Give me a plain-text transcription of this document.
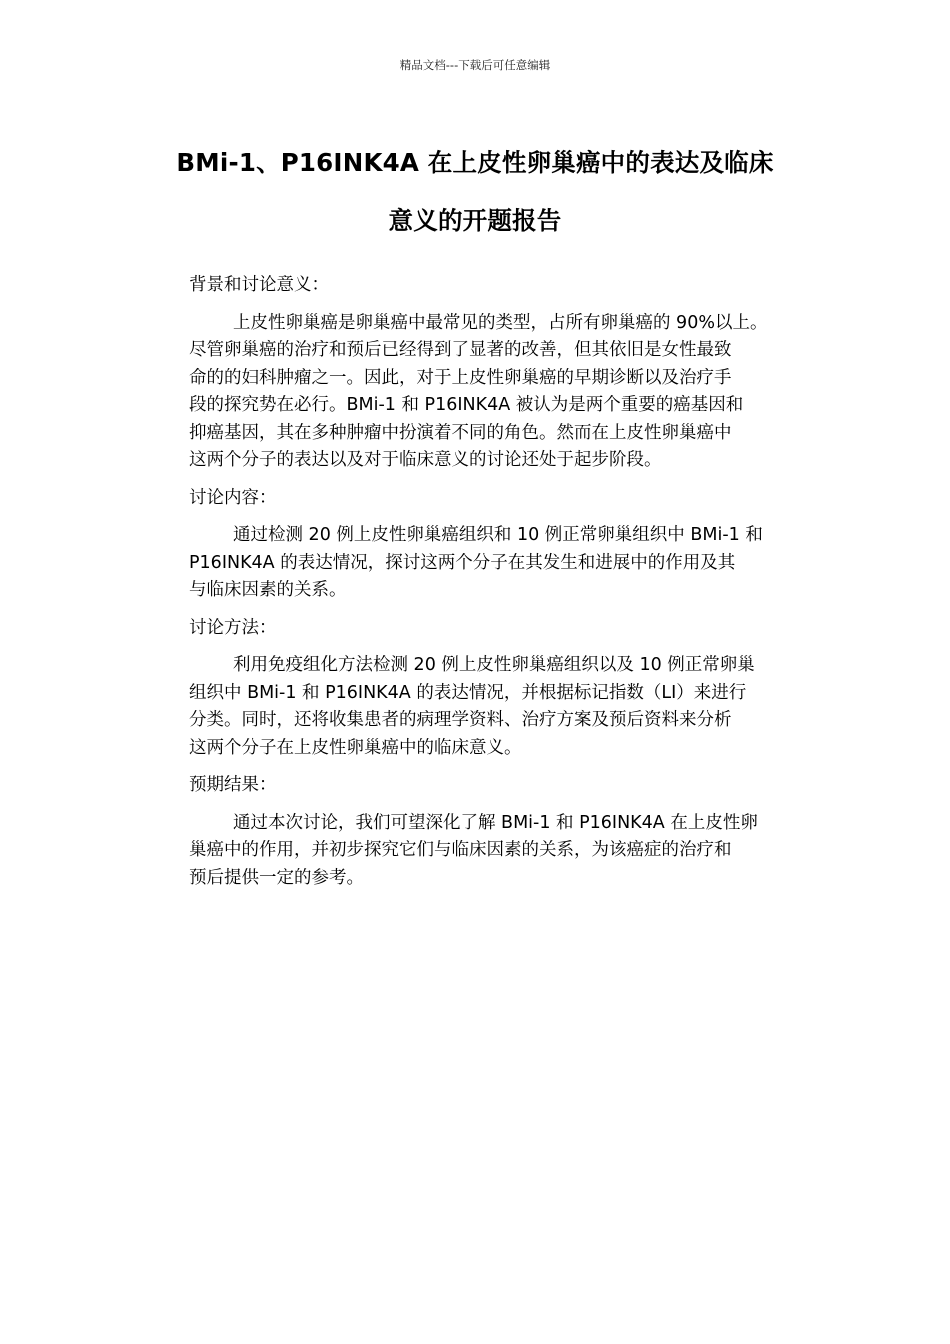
精品文档---下载后可任意编辑
BMi-1、P16INK4A 在上皮性卵巢癌中的表达及临床
意义的开题报告
背景和讨论意义：
上皮性卵巢癌是卵巢癌中最常见的类型，占所有卵巢癌的 90%以上。
尽管卵巢癌的治疗和预后已经得到了显著的改善，但其依旧是女性最致
命的的妇科肿瘤之一。因此，对于上皮性卵巢癌的早期诊断以及治疗手
段的探究势在必行。BMi-1 和 P16INK4A 被认为是两个重要的癌基因和
抑癌基因，其在多种肿瘤中扮演着不同的角色。然而在上皮性卵巢癌中
这两个分子的表达以及对于临床意义的讨论还处于起步阶段。
讨论内容：
通过检测 20 例上皮性卵巢癌组织和 10 例正常卵巢组织中 BMi-1 和
P16INK4A 的表达情况，探讨这两个分子在其发生和进展中的作用及其
与临床因素的关系。
讨论方法：
利用免疫组化方法检测 20 例上皮性卵巢癌组织以及 10 例正常卵巢
组织中 BMi-1 和 P16INK4A 的表达情况，并根据标记指数（LI）来进行
分类。同时，还将收集患者的病理学资料、治疗方案及预后资料来分析
这两个分子在上皮性卵巢癌中的临床意义。
预期结果：
通过本次讨论，我们可望深化了解 BMi-1 和 P16INK4A 在上皮性卵
巢癌中的作用，并初步探究它们与临床因素的关系，为该癌症的治疗和
预后提供一定的参考。
